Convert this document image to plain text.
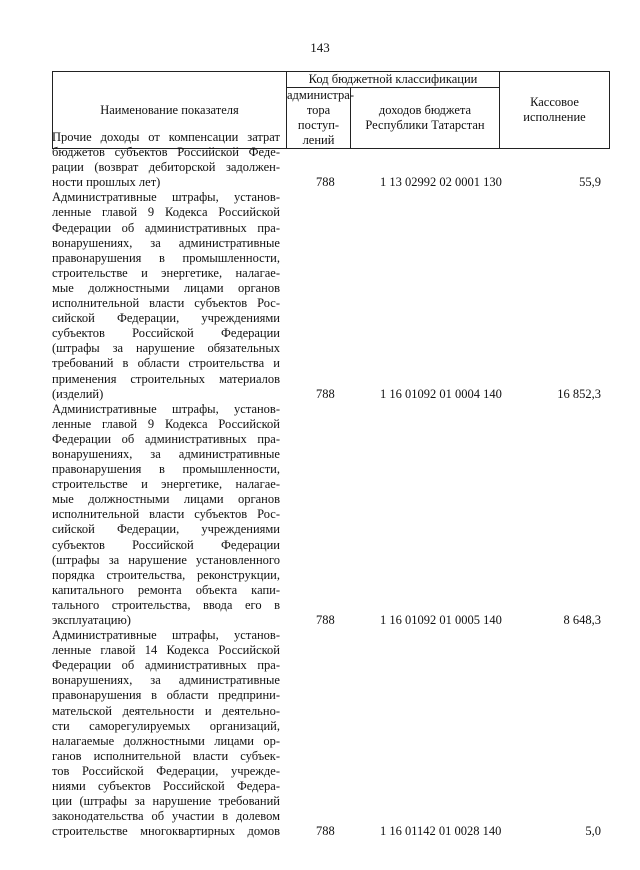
143
Наименование показателя	Код бюджетной классификации		Кассовое
исполнение
	администра-
тора поступ-
лений	доходов бюджета
Республики Татарстан	
Прочие доходы от компенсации затрат
бюджетов субъектов Российской Феде-
рации (возврат дебиторской задолжен-
ности прошлых лет)	788	1 13 02992 02 0001 130	55,9
Административные штрафы, установ-
ленные главой 9 Кодекса Российской
Федерации об административных пра-
вонарушениях, за административные
правонарушения в промышленности,
строительстве и энергетике, налагае-
мые должностными лицами органов
исполнительной власти субъектов Рос-
сийской Федерации, учреждениями
субъектов Российской Федерации
(штрафы за нарушение обязательных
требований в области строительства и
применения строительных материалов
(изделий)	788	1 16 01092 01 0004 140	16 852,3
Административные штрафы, установ-
ленные главой 9 Кодекса Российской
Федерации об административных пра-
вонарушениях, за административные
правонарушения в промышленности,
строительстве и энергетике, налагае-
мые должностными лицами органов
исполнительной власти субъектов Рос-
сийской Федерации, учреждениями
субъектов Российской Федерации
(штрафы за нарушение установленного
порядка строительства, реконструкции,
капитального ремонта объекта капи-
тального строительства, ввода его в
эксплуатацию)	788	1 16 01092 01 0005 140	8 648,3
Административные штрафы, установ-
ленные главой 14 Кодекса Российской
Федерации об административных пра-
вонарушениях, за административные
правонарушения в области предприни-
мательской деятельности и деятельно-
сти саморегулируемых организаций,
налагаемые должностными лицами ор-
ганов исполнительной власти субъек-
тов Российской Федерации, учрежде-
ниями субъектов Российской Федера-
ции (штрафы за нарушение требований
законодательства об участии в долевом
строительстве многоквартирных домов	788	1 16 01142 01 0028 140	5,0
